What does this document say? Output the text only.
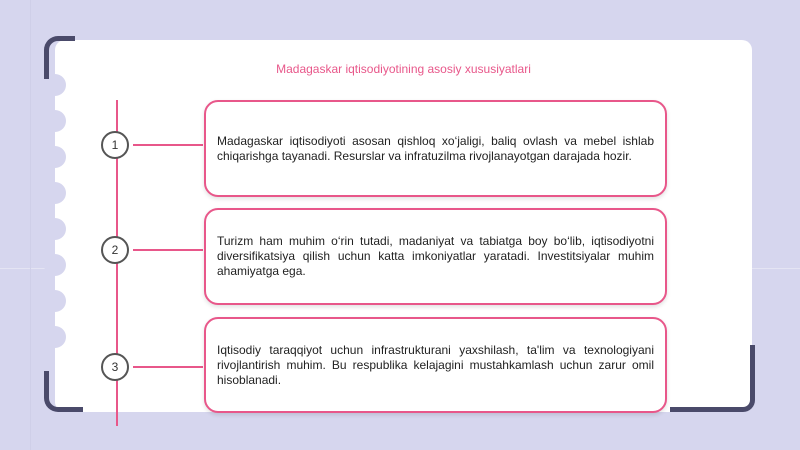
Madagaskar iqtisodiyotining asosiy xususiyatlari
1	Madagaskar iqtisodiyoti asosan qishloq xo‘jaligi, baliq ovlash va mebel ishlab chiqarishga tayanadi. Resurslar va infratuzilma rivojlanayotgan darajada hozir.
2
Turizm ham muhim o‘rin tutadi, madaniyat va tabiatga boy bo‘lib, iqtisodiyotni diversifikatsiya qilish uchun katta imkoniyatlar yaratadi. Investitsiyalar muhim ahamiyatga ega.
3
Iqtisodiy taraqqiyot uchun infrastrukturani yaxshilash, ta'lim va texnologiyani rivojlantirish muhim. Bu respublika kelajagini mustahkamlash uchun zarur omil hisoblanadi.
